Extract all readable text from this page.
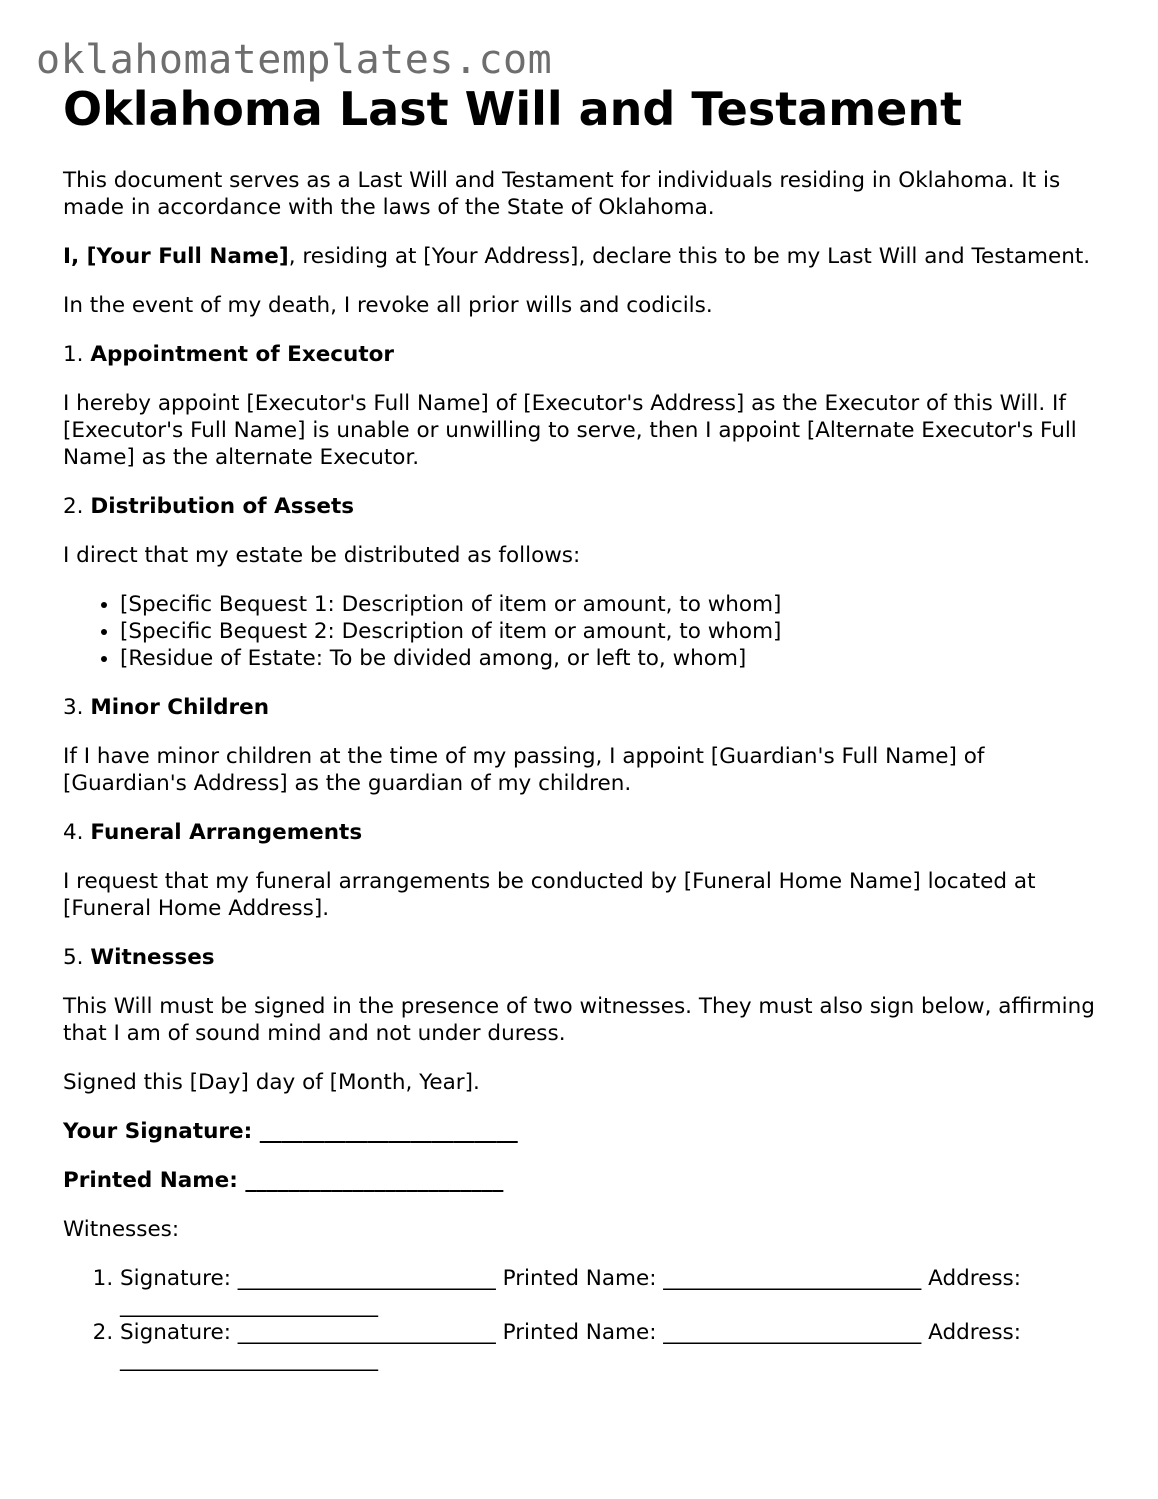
oklahomatemplates.com
Oklahoma Last Will and Testament

This document serves as a Last Will and Testament for individuals residing in Oklahoma. It is made in accordance with the laws of the State of Oklahoma.

I, [Your Full Name], residing at [Your Address], declare this to be my Last Will and Testament.

In the event of my death, I revoke all prior wills and codicils.

1. Appointment of Executor

I hereby appoint [Executor's Full Name] of [Executor's Address] as the Executor of this Will. If [Executor's Full Name] is unable or unwilling to serve, then I appoint [Alternate Executor's Full Name] as the alternate Executor.

2. Distribution of Assets

I direct that my estate be distributed as follows:

• [Specific Bequest 1: Description of item or amount, to whom]
• [Specific Bequest 2: Description of item or amount, to whom]
• [Residue of Estate: To be divided among, or left to, whom]

3. Minor Children

If I have minor children at the time of my passing, I appoint [Guardian's Full Name] of [Guardian's Address] as the guardian of my children.

4. Funeral Arrangements

I request that my funeral arrangements be conducted by [Funeral Home Name] located at [Funeral Home Address].

5. Witnesses

This Will must be signed in the presence of two witnesses. They must also sign below, affirming that I am of sound mind and not under duress.

Signed this [Day] day of [Month, Year].

Your Signature: ________________________

Printed Name: ________________________

Witnesses:

1. Signature: ________________________ Printed Name: ________________________ Address: ________________________
2. Signature: ________________________ Printed Name: ________________________ Address: ________________________
